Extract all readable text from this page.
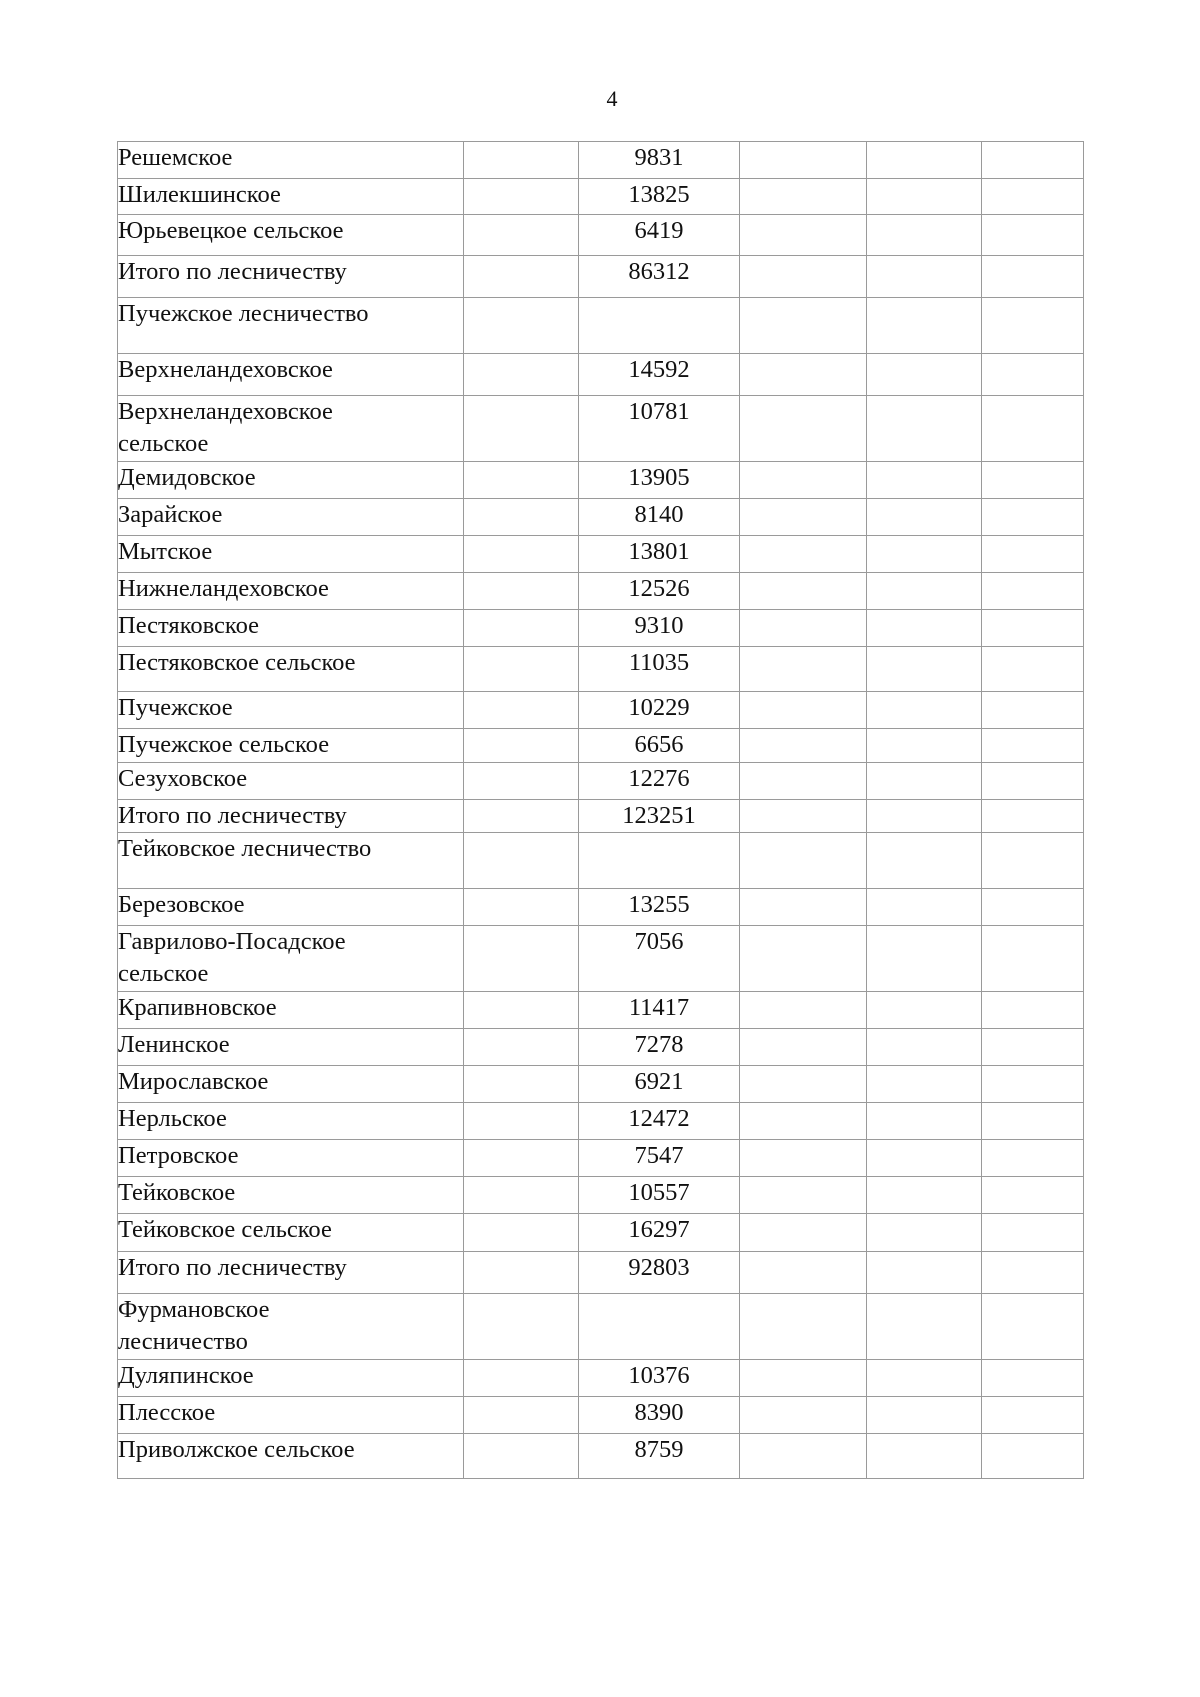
4
Решемское		9831			
Шилекшинское		13825			
Юрьевецкое сельское		6419			
Итого по лесничеству		86312			
Пучежское лесничество					
Верхнеландеховское		14592			

Верхнеландеховское сельское		10781			
Демидовское		13905			
Зарайское		8140			
Мытское		13801			
Нижнеландеховское		12526			
Пестяковское		9310			
Пестяковское сельское		11035			
Пучежское		10229			
Пучежское сельское		6656			
Сезуховское		12276			
Итого по лесничеству		123251			
Тейковское лесничество					
Березовское		13255			

Гаврилово-Посадское сельское		7056			
Крапивновское		11417			
Ленинское		7278			
Мирославское		6921			
Нерльское		12472			
Петровское		7547			
Тейковское		10557			
Тейковское сельское		16297			
Итого по лесничеству		92803			

Фурмановское лесничество					

Дуляпинское		10376			
Плесское		8390			
Приволжское сельское		8759			
